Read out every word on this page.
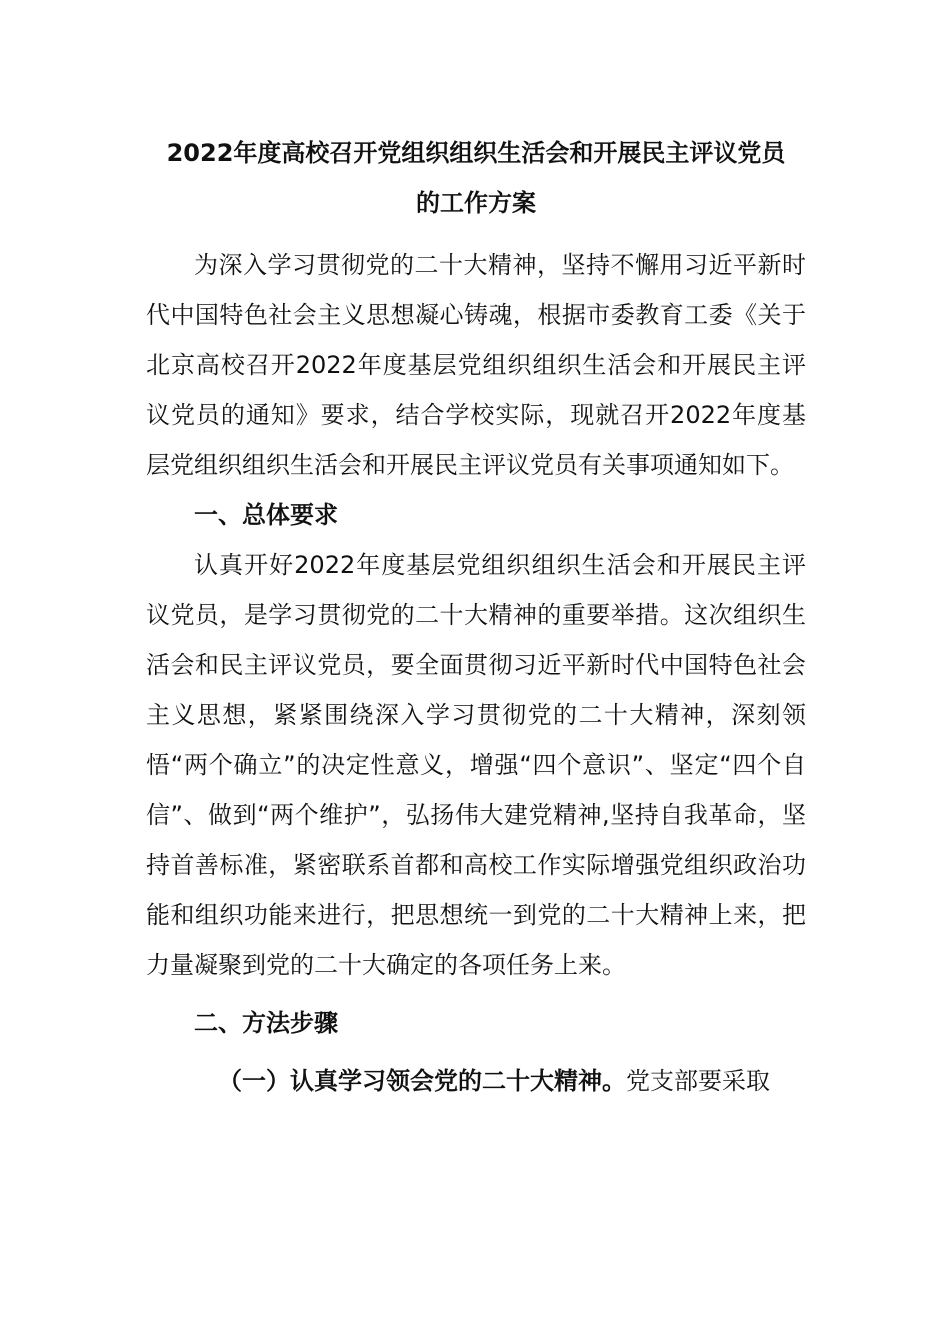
2022年度高校召开党组织组织生活会和开展民主评议党员
的工作方案

为深入学习贯彻党的二十大精神，坚持不懈用习近平新时代中国特色社会主义思想凝心铸魂，根据市委教育工委《关于北京高校召开2022年度基层党组织组织生活会和开展民主评议党员的通知》要求，结合学校实际，现就召开2022年度基层党组织组织生活会和开展民主评议党员有关事项通知如下。

一、总体要求

认真开好2022年度基层党组织组织生活会和开展民主评议党员，是学习贯彻党的二十大精神的重要举措。这次组织生活会和民主评议党员，要全面贯彻习近平新时代中国特色社会主义思想，紧紧围绕深入学习贯彻党的二十大精神，深刻领悟“两个确立”的决定性意义，增强“四个意识”、坚定“四个自信”、做到“两个维护”，弘扬伟大建党精神,坚持自我革命，坚持首善标准，紧密联系首都和高校工作实际增强党组织政治功能和组织功能来进行，把思想统一到党的二十大精神上来，把力量凝聚到党的二十大确定的各项任务上来。

二、方法步骤

（一）认真学习领会党的二十大精神。党支部要采取
